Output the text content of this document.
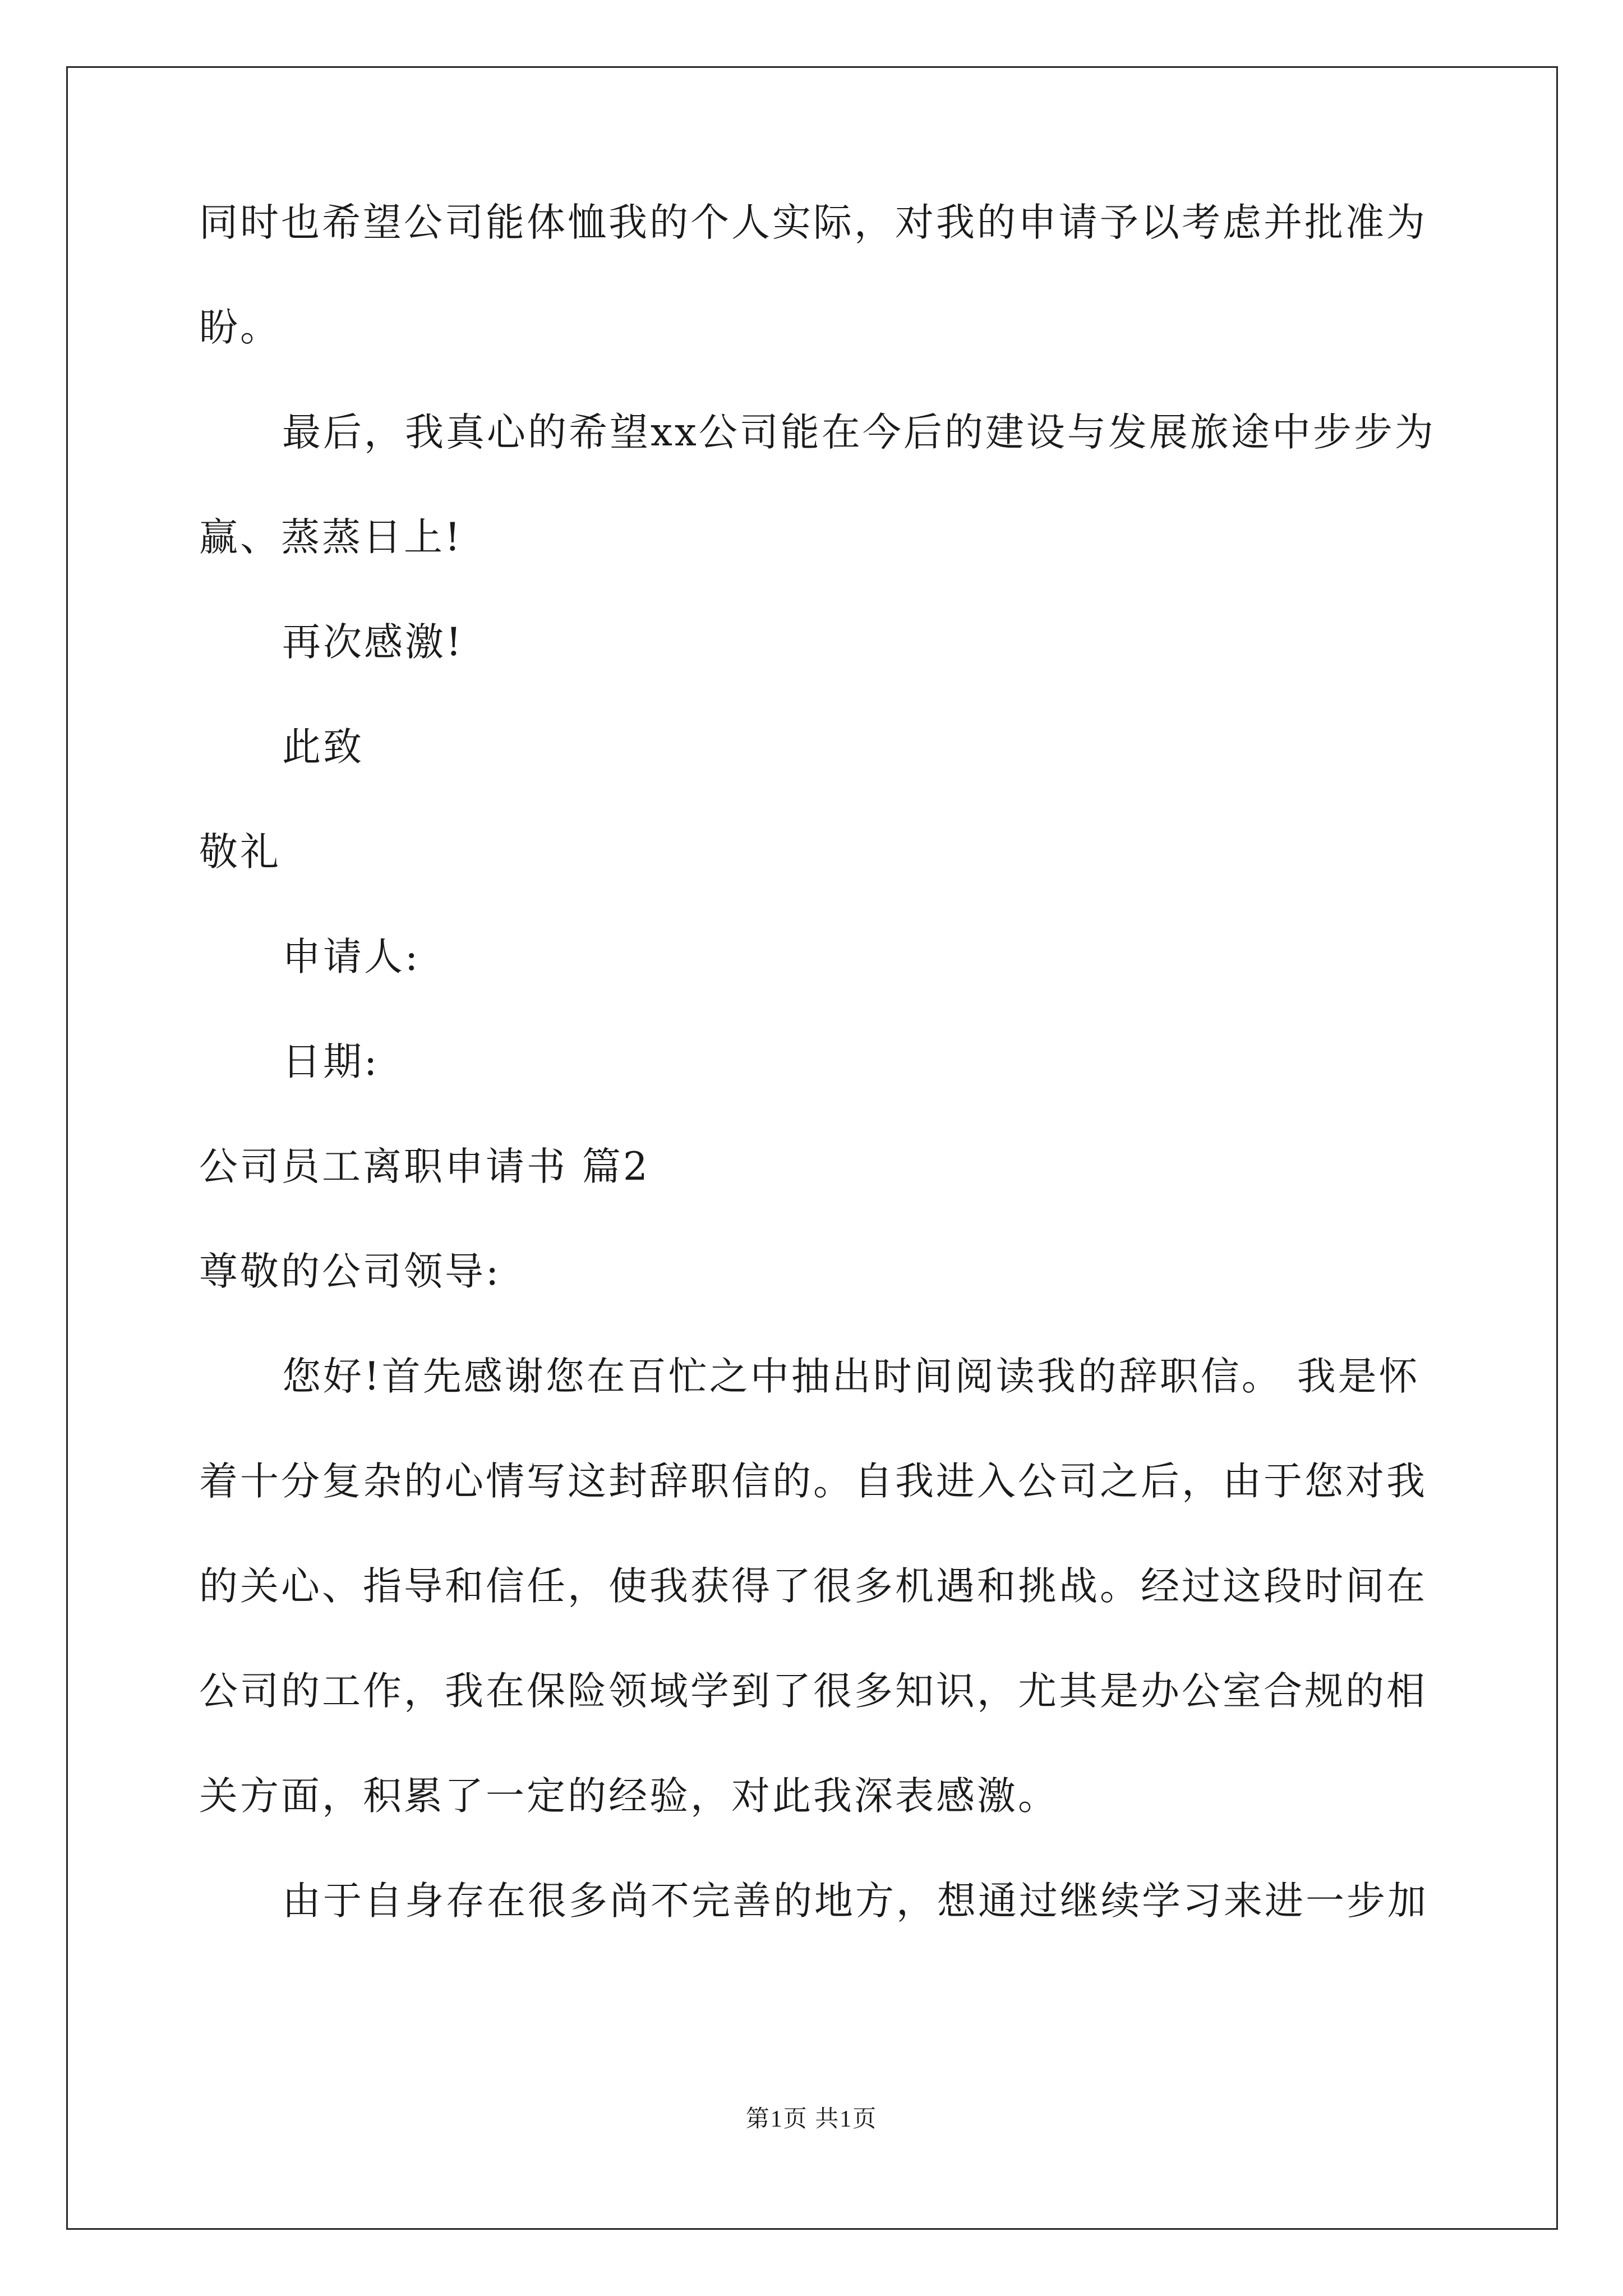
同时也希望公司能体恤我的个人实际，对我的申请予以考虑并批准为
盼。
最后，我真心的希望xx公司能在今后的建设与发展旅途中步步为
赢、蒸蒸日上!
再次感激!
此致
敬礼
申请人:
日期:
公司员工离职申请书 篇2
尊敬的公司领导:
您好!首先感谢您在百忙之中抽出时间阅读我的辞职信。 我是怀
着十分复杂的心情写这封辞职信的。自我进入公司之后，由于您对我
的关心、指导和信任，使我获得了很多机遇和挑战。经过这段时间在
公司的工作，我在保险领域学到了很多知识，尤其是办公室合规的相
关方面，积累了一定的经验，对此我深表感激。
由于自身存在很多尚不完善的地方，想通过继续学习来进一步加
第1页 共1页
